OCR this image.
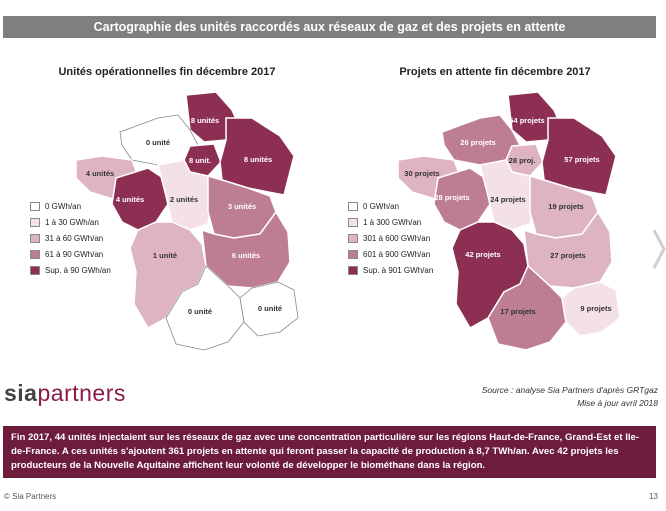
Cartographie des unités raccordés aux réseaux de gaz et des projets en attente
Unités opérationnelles fin décembre 2017	Projets en attente fin décembre 2017
8 unités
0 unité
8 unit.	8 unités
4 unités
4 unités	2 unités
3 unités
1 unité	6 unités
0 unité	0 unité
54 projets
26 projets
28 proj.	57 projets
30 projets
28 projets	24 projets
19 projets
42 projets	27 projets
17 projets	9 projets
0 GWh/an
1 à 30 GWh/an
31 à 60 GWh/an
61 à 90 GWh/an
Sup. à 90 GWh/an
0 GWh/an
1 à 300 GWh/an
301 à 600 GWh/an
601 à 900 GWh/an
Sup. à 901 GWh/an
siapartners	Source : analyse Sia Partners d'après GRTgaz
Mise à jour avril 2018
Fin 2017, 44 unités injectaient sur les réseaux de gaz avec une concentration particulière sur les régions Haut-de-France, Grand-Est et Ile-de-France. A ces unités s'ajoutent 361 projets en attente qui feront passer la capacité de production à 8,7 TWh/an. Avec 42 projets les producteurs de la Nouvelle Aquitaine affichent leur volonté de développer le biométhane dans la région.
© Sia Partners	13
